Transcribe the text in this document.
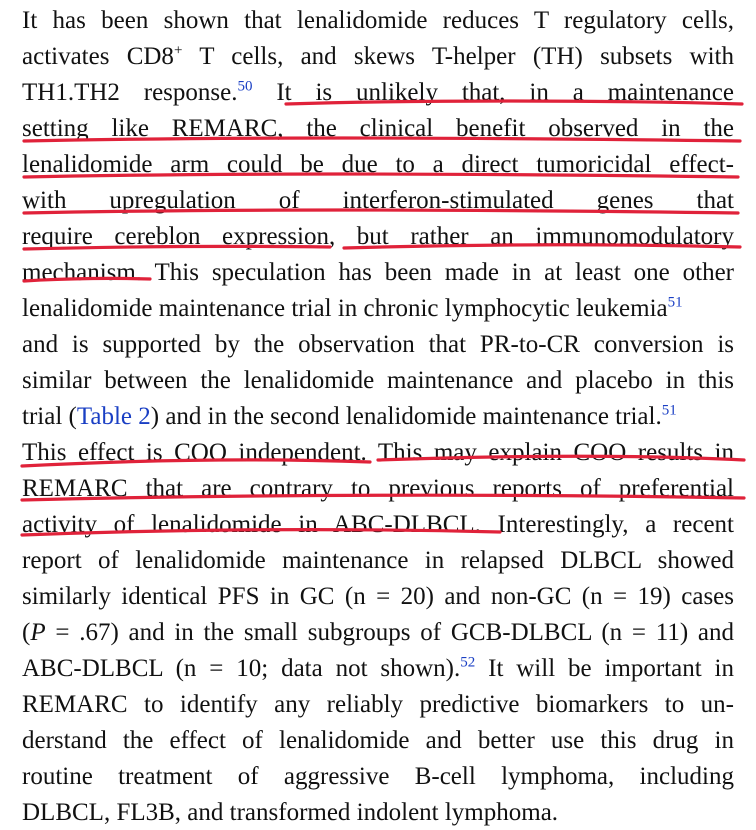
It has been shown that lenalidomide reduces T regulatory cells,
activates CD8+ T cells, and skews T-helper (TH) subsets with
TH1.TH2 response.$^{50}$ It is unlikely that, in a maintenance
setting like REMARC, the clinical benefit observed in the
lenalidomide arm could be due to a direct tumoricidal effect-
with upregulation of interferon-stimulated genes that
require cereblon expression, but rather an immunomodulatory
mechanism. This speculation has been made in at least one other
lenalidomide maintenance trial in chronic lymphocytic leukemia$^{51}$
and is supported by the observation that PR-to-CR conversion is
similar between the lenalidomide maintenance and placebo in this
trial (Table 2) and in the second lenalidomide maintenance trial.$^{51}$
This effect is COO independent. This may explain COO results in
REMARC that are contrary to previous reports of preferential
activity of lenalidomide in ABC-DLBCL. Interestingly, a recent
report of lenalidomide maintenance in relapsed DLBCL showed
similarly identical PFS in GC (n = 20) and non-GC (n = 19) cases
(P = .67) and in the small subgroups of GCB-DLBCL (n = 11) and
ABC-DLBCL (n = 10; data not shown).$^{52}$ It will be important in
REMARC to identify any reliably predictive biomarkers to un-
derstand the effect of lenalidomide and better use this drug in
routine treatment of aggressive B-cell lymphoma, including
DLBCL, FL3B, and transformed indolent lymphoma.
